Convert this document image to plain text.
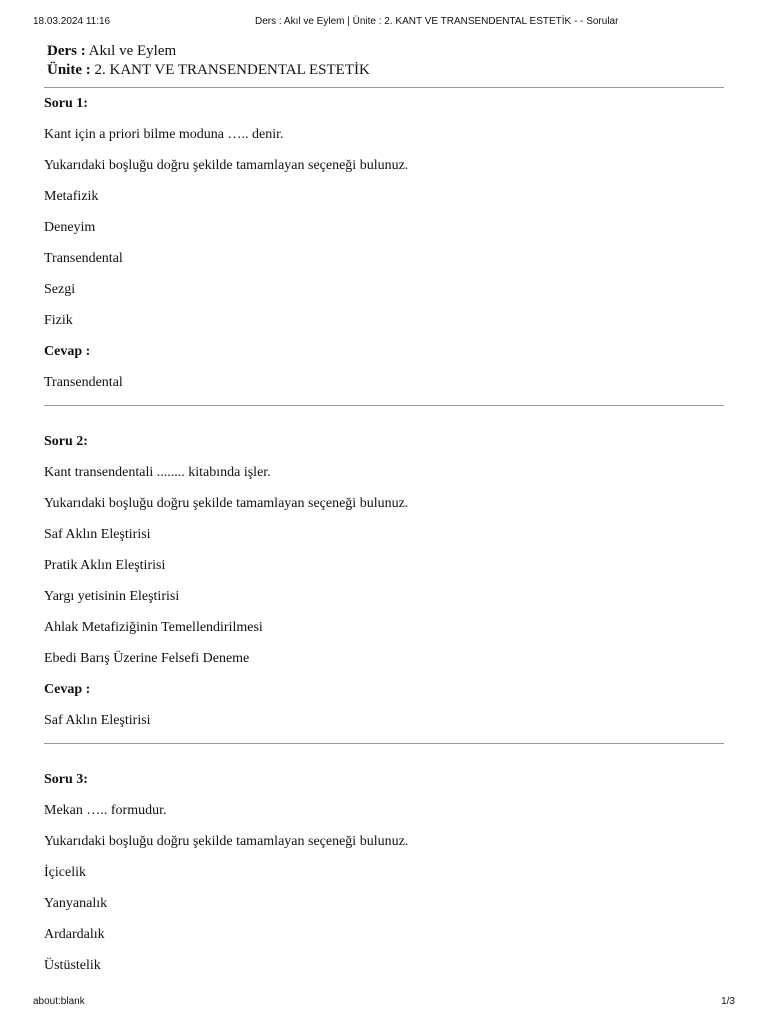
18.03.2024 11:16	Ders : Akıl ve Eylem | Ünite : 2. KANT VE TRANSENDENTAL ESTETİK - - Sorular
Ders : Akıl ve Eylem
Ünite : 2. KANT VE TRANSENDENTAL ESTETİK
Soru 1:
Kant için a priori bilme moduna ….. denir.
Yukarıdaki boşluğu doğru şekilde tamamlayan seçeneği bulunuz.
Metafizik
Deneyim
Transendental
Sezgi
Fizik
Cevap :
Transendental
Soru 2:
Kant transendentali ........ kitabında işler.
Yukarıdaki boşluğu doğru şekilde tamamlayan seçeneği bulunuz.
Saf Aklın Eleştirisi
Pratik Aklın Eleştirisi
Yargı yetisinin Eleştirisi
Ahlak Metafiziğinin Temellendirilmesi
Ebedi Barış Üzerine Felsefi Deneme
Cevap :
Saf Aklın Eleştirisi
Soru 3:
Mekan ….. formudur.
Yukarıdaki boşluğu doğru şekilde tamamlayan seçeneği bulunuz.
İçicelik
Yanyanalık
Ardardalık
Üstüstelik
about:blank	1/3
